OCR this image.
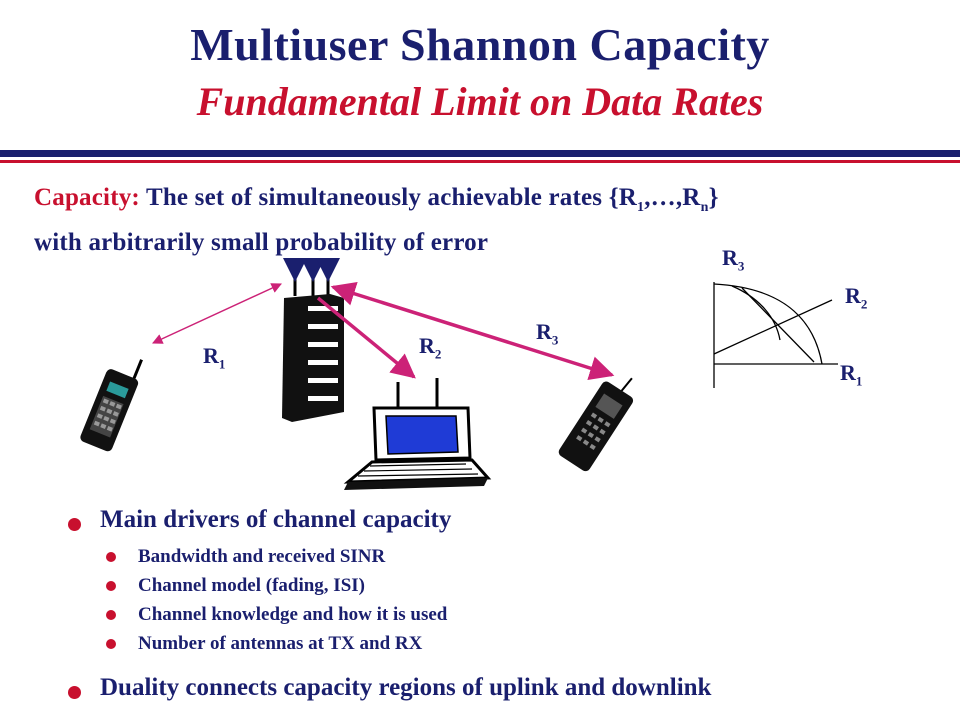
Multiuser Shannon Capacity
Fundamental Limit on Data Rates
Capacity: The set of simultaneously achievable rates $\{R_1,\dots,R_n\}$
with arbitrarily small probability of error
$R_1$
$R_2$
$R_3$
$R_3$
$R_2$
$R_1$
Main drivers of channel capacity
Bandwidth and received SINR
Channel model (fading, ISI)
Channel knowledge and how it is used
Number of antennas at TX and RX
Duality connects capacity regions of uplink and downlink
